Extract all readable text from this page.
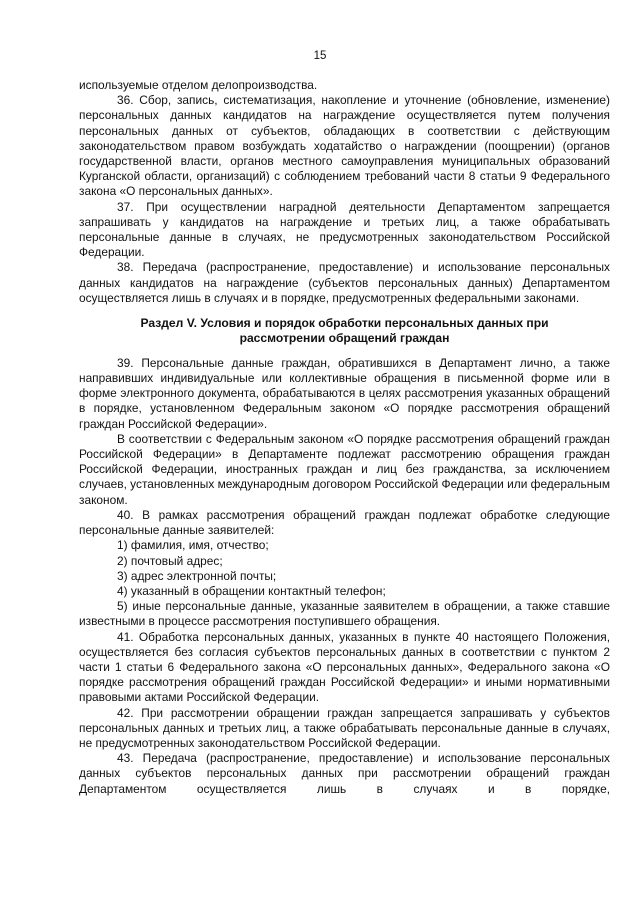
15

используемые отделом делопроизводства.

36. Сбор, запись, систематизация, накопление и уточнение (обновление, изменение) персональных данных кандидатов на награждение осуществляется путем получения персональных данных от субъектов, обладающих в соответствии с действующим законодательством правом возбуждать ходатайство о награждении (поощрении) (органов государственной власти, органов местного самоуправления муниципальных образований Курганской области, организаций) с соблюдением требований части 8 статьи 9 Федерального закона «О персональных данных».

37. При осуществлении наградной деятельности Департаментом запрещается запрашивать у кандидатов на награждение и третьих лиц, а также обрабатывать персональные данные в случаях, не предусмотренных законодательством Российской Федерации.

38. Передача (распространение, предоставление) и использование персональных данных кандидатов на награждение (субъектов персональных данных) Департаментом осуществляется лишь в случаях и в порядке, предусмотренных федеральными законами.

Раздел V. Условия и порядок обработки персональных данных при рассмотрении обращений граждан

39. Персональные данные граждан, обратившихся в Департамент лично, а также направивших индивидуальные или коллективные обращения в письменной форме или в форме электронного документа, обрабатываются в целях рассмотрения указанных обращений в порядке, установленном Федеральным законом «О порядке рассмотрения обращений граждан Российской Федерации».

В соответствии с Федеральным законом «О порядке рассмотрения обращений граждан Российской Федерации» в Департаменте подлежат рассмотрению обращения граждан Российской Федерации, иностранных граждан и лиц без гражданства, за исключением случаев, установленных международным договором Российской Федерации или федеральным законом.

40. В рамках рассмотрения обращений граждан подлежат обработке следующие персональные данные заявителей:

1) фамилия, имя, отчество;

2) почтовый адрес;

3) адрес электронной почты;

4) указанный в обращении контактный телефон;

5) иные персональные данные, указанные заявителем в обращении, а также ставшие известными в процессе рассмотрения поступившего обращения.

41. Обработка персональных данных, указанных в пункте 40 настоящего Положения, осуществляется без согласия субъектов персональных данных в соответствии с пунктом 2 части 1 статьи 6 Федерального закона «О персональных данных», Федерального закона «О порядке рассмотрения обращений граждан Российской Федерации» и иными нормативными правовыми актами Российской Федерации.

42. При рассмотрении обращении граждан запрещается запрашивать у субъектов персональных данных и третьих лиц, а также обрабатывать персональные данные в случаях, не предусмотренных законодательством Российской Федерации.

43. Передача (распространение, предоставление) и использование персональных данных субъектов персональных данных при рассмотрении обращений граждан Департаментом осуществляется лишь в случаях и в порядке,
